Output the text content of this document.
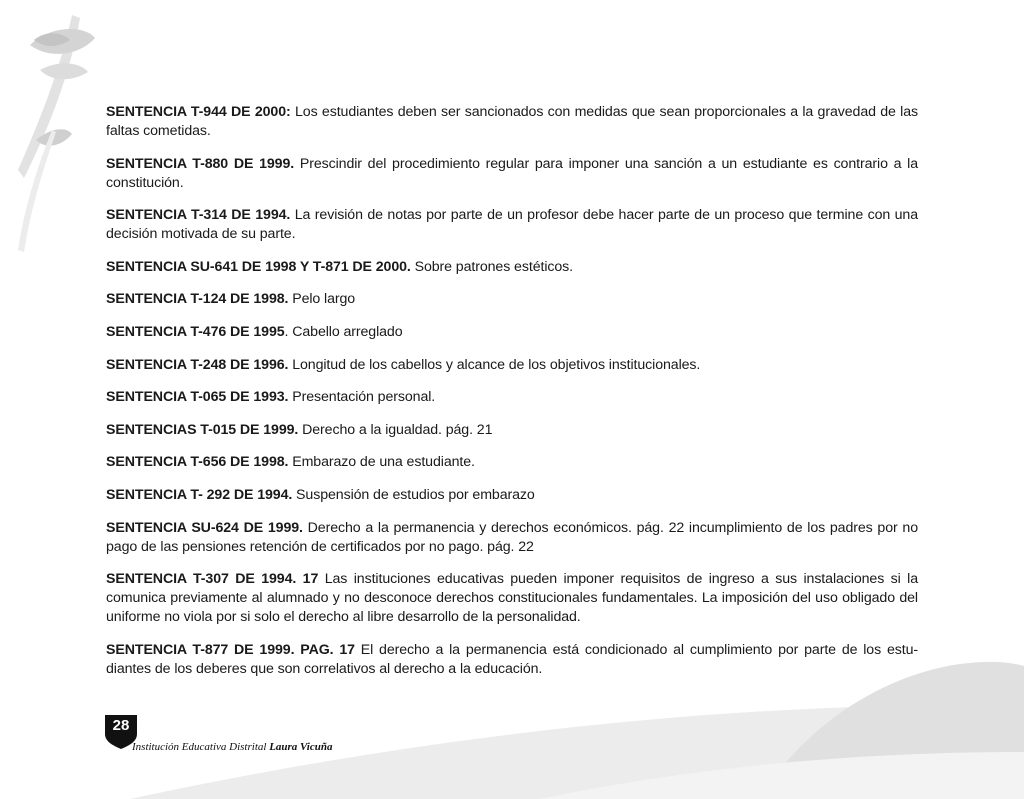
SENTENCIA T-944 DE 2000: Los estudiantes deben ser sancionados con medidas que sean proporcionales a la gravedad de las faltas cometidas.

SENTENCIA T-880 DE 1999. Prescindir del procedimiento regular para imponer una sanción a un estudiante es contrario a la constitución.

SENTENCIA T-314 DE 1994. La revisión de notas por parte de un profesor debe hacer parte de un proceso que termine con una decisión motivada de su parte.

SENTENCIA SU-641 DE 1998 Y T-871 DE 2000. Sobre patrones estéticos.

SENTENCIA T-124 DE 1998. Pelo largo

SENTENCIA T-476 DE 1995. Cabello arreglado

SENTENCIA T-248 DE 1996. Longitud de los cabellos y alcance de los objetivos institucionales.

SENTENCIA T-065 DE 1993. Presentación personal.

SENTENCIAS T-015 DE 1999. Derecho a la igualdad. pág. 21

SENTENCIA T-656 DE 1998. Embarazo de una estudiante.

SENTENCIA T- 292 DE 1994. Suspensión de estudios por embarazo

SENTENCIA SU-624 DE 1999. Derecho a la permanencia y derechos económicos. pág. 22 incumplimiento de los padres por no pago de las pensiones retención de certificados por no pago. pág. 22

SENTENCIA T-307 DE 1994. 17 Las instituciones educativas pueden imponer requisitos de ingreso a sus instalaciones si la comunica previamente al alumnado y no desconoce derechos constitucionales fundamentales. La imposición del uso obligado del uniforme no viola por si solo el derecho al libre desarrollo de la personalidad.

SENTENCIA T-877 DE 1999. PAG. 17 El derecho a la permanencia está condicionado al cumplimiento por parte de los estu-diantes de los deberes que son correlativos al derecho a la educación.

28
Institución Educativa Distrital Laura Vicuña
